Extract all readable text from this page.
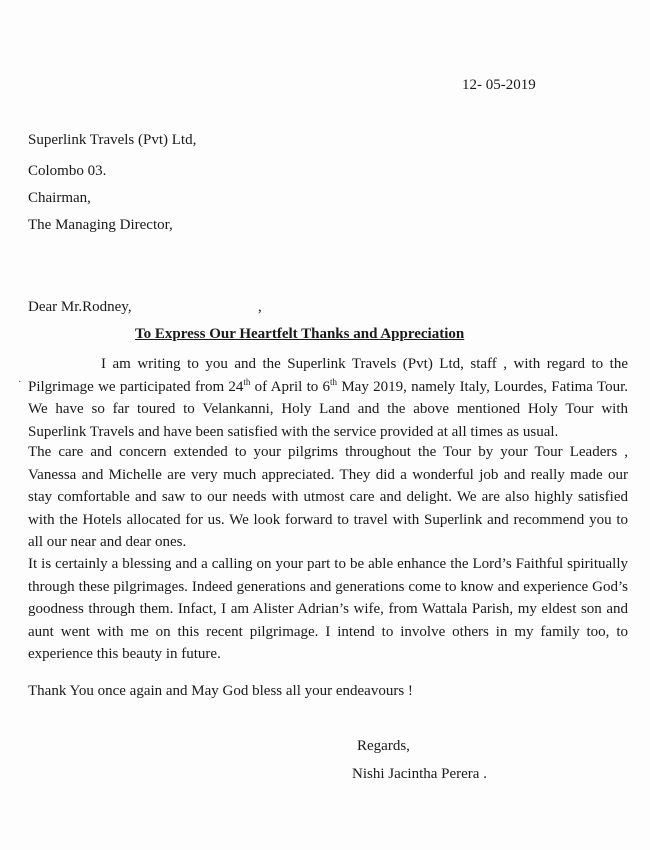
12- 05-2019
Superlink Travels (Pvt) Ltd,
Colombo 03.
Chairman,
The Managing Director,
Dear Mr.Rodney,	,
To Express Our Heartfelt Thanks and Appreciation
·
I am writing to you and the Superlink Travels (Pvt) Ltd, staff , with regard to the Pilgrimage we participated from 24th of April to 6th May 2019, namely Italy, Lourdes, Fatima Tour. We have so far toured to Velankanni, Holy Land and the above mentioned Holy Tour with Superlink Travels and have been satisfied with the service provided at all times as usual.
The care and concern extended to your pilgrims throughout the Tour by your Tour Leaders , Vanessa and Michelle are very much appreciated. They did a wonderful job and really made our stay comfortable and saw to our needs with utmost care and delight. We are also highly satisfied with the Hotels allocated for us. We look forward to travel with Superlink and recommend you to all our near and dear ones.
It is certainly a blessing and a calling on your part to be able enhance the Lord’s Faithful spiritually through these pilgrimages. Indeed generations and generations come to know and experience God’s goodness through them. Infact, I am Alister Adrian’s wife, from Wattala Parish, my eldest son and aunt went with me on this recent pilgrimage. I intend to involve others in my family too, to experience this beauty in future.
Thank You once again and May God bless all your endeavours !
Regards,
Nishi Jacintha Perera .
